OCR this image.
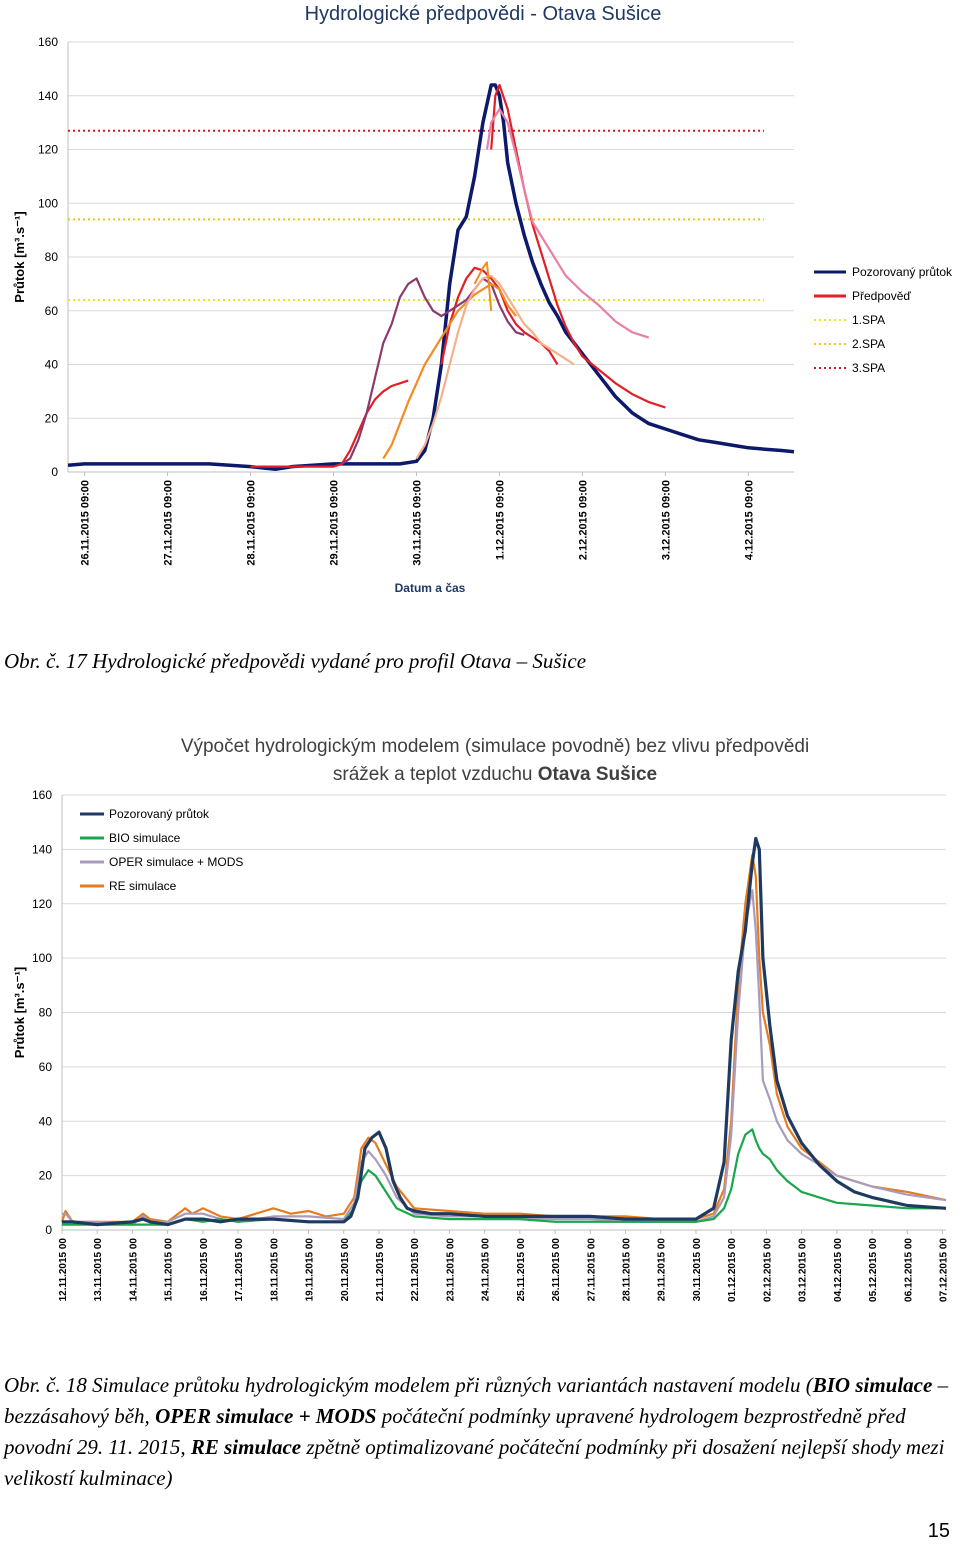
Hydrologické předpovědi - Otava Sušice
0
20
40
60
80
100
120
140
160
26.11.2015 09:00	27.11.2015 09:00	28.11.2015 09:00	29.11.2015 09:00	30.11.2015 09:00	1.12.2015 09:00	2.12.2015 09:00	3.12.2015 09:00	4.12.2015 09:00
Průtok [m³.s⁻¹]
Datum a čas
Pozorovaný průtok
Předpověď
1.SPA
2.SPA
3.SPA
Výpočet hydrologickým modelem (simulace povodně) bez vlivu předpovědi
srážek a teplot vzduchu Otava Sušice
0
20
40
60
80
100
120
140
160
12.11.2015 00 13.11.2015 00 14.11.2015 00 15.11.2015 00 16.11.2015 00 17.11.2015 00 18.11.2015 00 19.11.2015 00 20.11.2015 00 21.11.2015 00 22.11.2015 00 23.11.2015 00 24.11.2015 00 25.11.2015 00 26.11.2015 00 27.11.2015 00 28.11.2015 00 29.11.2015 00 30.11.2015 00 01.12.2015 00 02.12.2015 00 03.12.2015 00 04.12.2015 00 05.12.2015 00 06.12.2015 00 07.12.2015 00
Průtok [m³.s⁻¹]
Pozorovaný průtok
BIO simulace
OPER simulace + MODS
RE simulace
Obr. č. 17 Hydrologické předpovědi vydané pro profil Otava – Sušice
Obr. č. 18 Simulace průtoku hydrologickým modelem při různých variantách nastavení modelu (BIO simulace – bezzásahový běh, OPER simulace + MODS počáteční podmínky upravené hydrologem bezprostředně před povodní 29. 11. 2015, RE simulace zpětně optimalizované počáteční podmínky při dosažení nejlepší shody mezi velikostí kulminace)
15
